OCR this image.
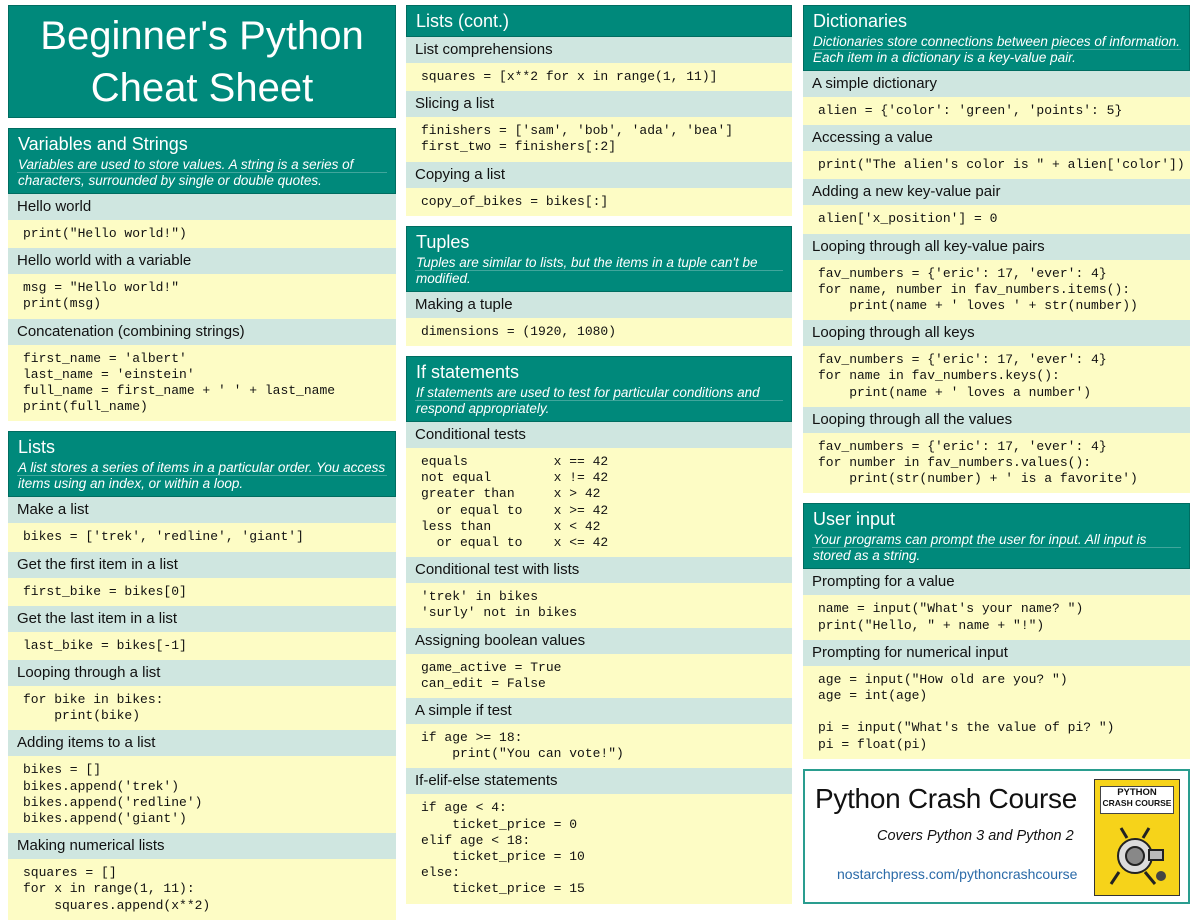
Beginner's Python
Cheat Sheet
Variables and Strings
Variables are used to store values. A string is a series of characters, surrounded by single or double quotes.
Hello world
print("Hello world!")
Hello world with a variable
msg = "Hello world!"
print(msg)
Concatenation (combining strings)
first_name = 'albert'
last_name = 'einstein'
full_name = first_name + ' ' + last_name
print(full_name)
Lists
A list stores a series of items in a particular order. You access items using an index, or within a loop.
Make a list
bikes = ['trek', 'redline', 'giant']
Get the first item in a list
first_bike = bikes[0]
Get the last item in a list
last_bike = bikes[-1]
Looping through a list
for bike in bikes:
print(bike)
Adding items to a list
bikes = []
bikes.append('trek')
bikes.append('redline')
bikes.append('giant')
Making numerical lists
squares = []
for x in range(1, 11):
squares.append(x**2)
Lists (cont.)
List comprehensions
squares = [x**2 for x in range(1, 11)]
Slicing a list
finishers = ['sam', 'bob', 'ada', 'bea']
first_two = finishers[:2]
Copying a list
copy_of_bikes = bikes[:]
Tuples
Tuples are similar to lists, but the items in a tuple can't be modified.
Making a tuple
dimensions = (1920, 1080)
If statements
If statements are used to test for particular conditions and respond appropriately.
Conditional tests
equals           x == 42
not equal        x != 42
greater than     x > 42
or equal to    x >= 42
less than        x < 42
or equal to    x <= 42
Conditional test with lists
'trek' in bikes
'surly' not in bikes
Assigning boolean values
game_active = True
can_edit = False
A simple if test
if age >= 18:
print("You can vote!")
If-elif-else statements
if age < 4:
ticket_price = 0
elif age < 18:
ticket_price = 10
else:
ticket_price = 15
Dictionaries
Dictionaries store connections between pieces of information. Each item in a dictionary is a key-value pair.
A simple dictionary
alien = {'color': 'green', 'points': 5}
Accessing a value
print("The alien's color is " + alien['color'])
Adding a new key-value pair
alien['x_position'] = 0
Looping through all key-value pairs
fav_numbers = {'eric': 17, 'ever': 4}
for name, number in fav_numbers.items():
print(name + ' loves ' + str(number))
Looping through all keys
fav_numbers = {'eric': 17, 'ever': 4}
for name in fav_numbers.keys():
print(name + ' loves a number')
Looping through all the values
fav_numbers = {'eric': 17, 'ever': 4}
for number in fav_numbers.values():
print(str(number) + ' is a favorite')
User input
Your programs can prompt the user for input. All input is stored as a string.
Prompting for a value
name = input("What's your name? ")
print("Hello, " + name + "!")
Prompting for numerical input
age = input("How old are you? ")
age = int(age)

pi = input("What's the value of pi? ")
pi = float(pi)
Python Crash Course
Covers Python 3 and Python 2
nostarchpress.com/pythoncrashcourse
PYTHON
CRASH COURSE
